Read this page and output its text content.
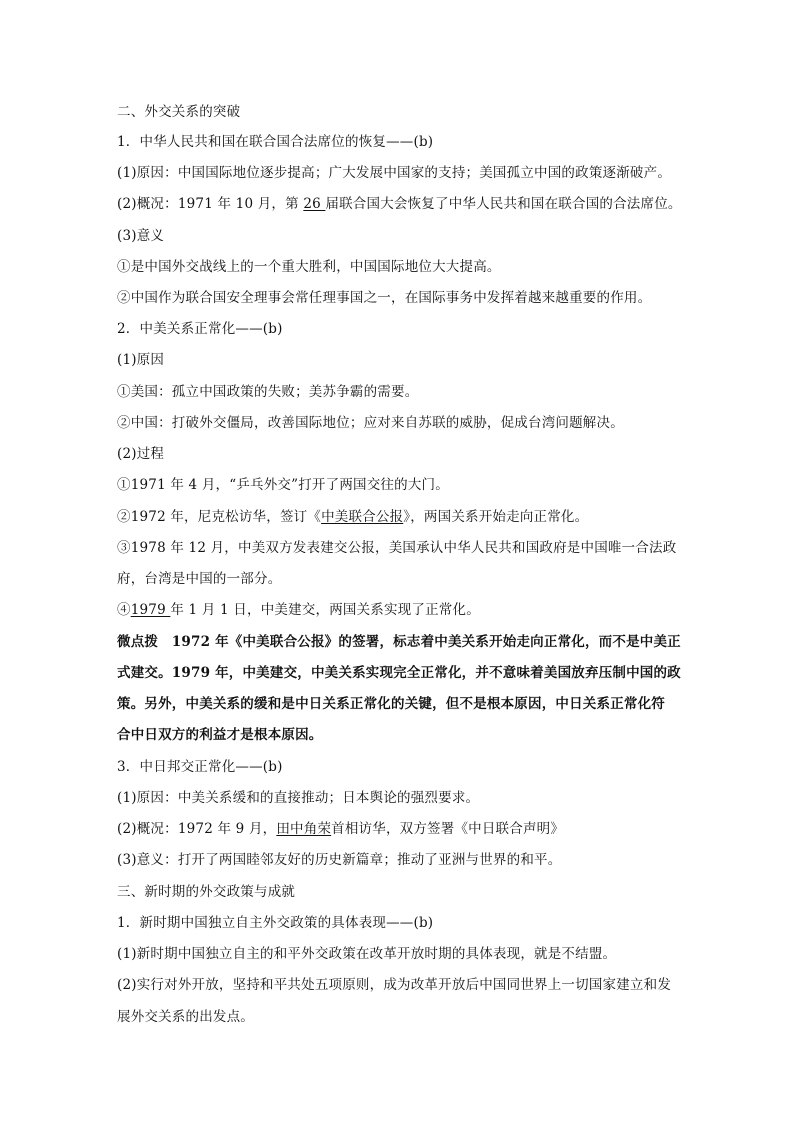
二、外交关系的突破
1．中华人民共和国在联合国合法席位的恢复——(b)
(1)原因：中国国际地位逐步提高；广大发展中国家的支持；美国孤立中国的政策逐渐破产。
(2)概况：1971 年 10 月，第 26 届联合国大会恢复了中华人民共和国在联合国的合法席位。
(3)意义
①是中国外交战线上的一个重大胜利，中国国际地位大大提高。
②中国作为联合国安全理事会常任理事国之一，在国际事务中发挥着越来越重要的作用。
2．中美关系正常化——(b)
(1)原因
①美国：孤立中国政策的失败；美苏争霸的需要。
②中国：打破外交僵局，改善国际地位；应对来自苏联的威胁，促成台湾问题解决。
(2)过程
①1971 年 4 月，“乒乓外交”打开了两国交往的大门。
②1972 年，尼克松访华，签订《中美联合公报》，两国关系开始走向正常化。
③1978 年 12 月，中美双方发表建交公报，美国承认中华人民共和国政府是中国唯一合法政
府，台湾是中国的一部分。
④1979 年 1 月 1 日，中美建交，两国关系实现了正常化。
微点拨　1972 年《中美联合公报》的签署，标志着中美关系开始走向正常化，而不是中美正
式建交。1979 年，中美建交，中美关系实现完全正常化，并不意味着美国放弃压制中国的政
策。另外，中美关系的缓和是中日关系正常化的关键，但不是根本原因，中日关系正常化符
合中日双方的利益才是根本原因。
3．中日邦交正常化——(b)
(1)原因：中美关系缓和的直接推动；日本舆论的强烈要求。
(2)概况：1972 年 9 月，田中角荣首相访华，双方签署《中日联合声明》
(3)意义：打开了两国睦邻友好的历史新篇章；推动了亚洲与世界的和平。
三、新时期的外交政策与成就
1．新时期中国独立自主外交政策的具体表现——(b)
(1)新时期中国独立自主的和平外交政策在改革开放时期的具体表现，就是不结盟。
(2)实行对外开放，坚持和平共处五项原则，成为改革开放后中国同世界上一切国家建立和发
展外交关系的出发点。
